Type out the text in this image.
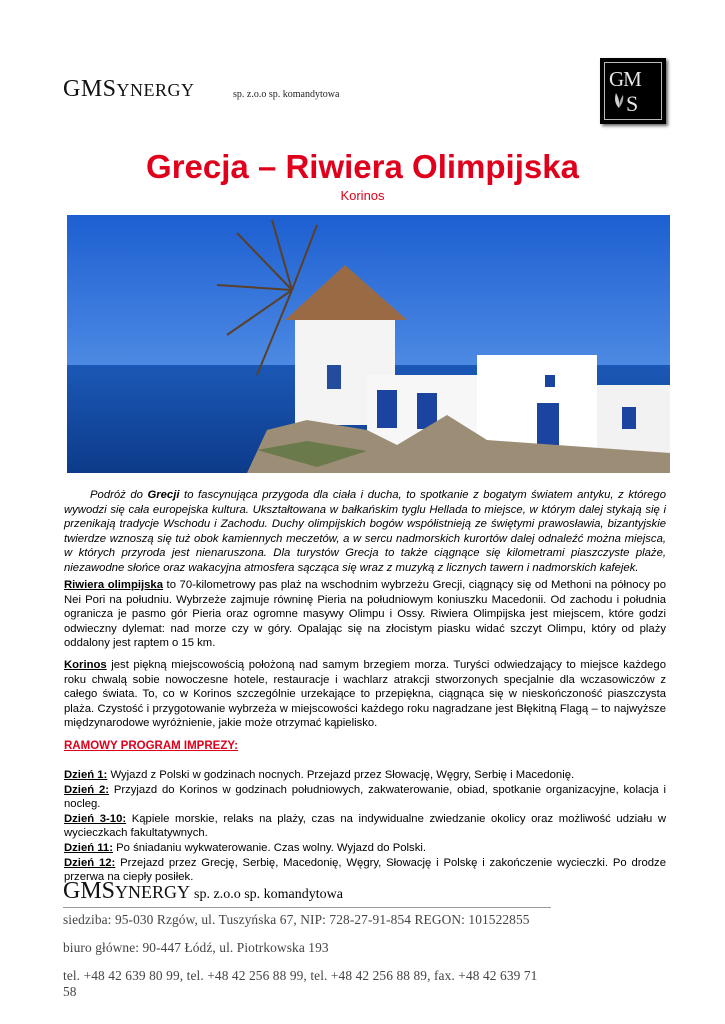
GMSYNERGY	sp. z.o.o sp. komandytowa
GM
S
Grecja – Riwiera Olimpijska
Korinos
Podróż do Grecji to fascynująca przygoda dla ciała i ducha, to spotkanie z bogatym światem antyku, z którego wywodzi się cała europejska kultura. Ukształtowana w bałkańskim tyglu Hellada to miejsce, w którym dalej stykają się i przenikają tradycje Wschodu i Zachodu. Duchy olimpijskich bogów współistnieją ze świętymi prawosławia, bizantyjskie twierdze wznoszą się tuż obok kamiennych meczetów, a w sercu nadmorskich kurortów dalej odnaleźć można miejsca, w których przyroda jest nienaruszona. Dla turystów Grecja to także ciągnące się kilometrami piaszczyste plaże, niezawodne słońce oraz wakacyjna atmosfera sącząca się wraz z muzyką z licznych tawern i nadmorskich kafejek.
Riwiera olimpijska to 70-kilometrowy pas plaż na wschodnim wybrzeżu Grecji, ciągnący się od Methoni na północy po Nei Pori na południu. Wybrzeże zajmuje równinę Pieria na południowym koniuszku Macedonii. Od zachodu i południa ogranicza je pasmo gór Pieria oraz ogromne masywy Olimpu i Ossy. Riwiera Olimpijska jest miejscem, które godzi odwieczny dylemat: nad morze czy w góry. Opalając się na złocistym piasku widać szczyt Olimpu, który od plaży oddalony jest raptem o 15 km.
Korinos jest piękną miejscowością położoną nad samym brzegiem morza. Turyści odwiedzający to miejsce każdego roku chwalą sobie nowoczesne hotele, restauracje i wachlarz atrakcji stworzonych specjalnie dla wczasowiczów z całego świata. To, co w Korinos szczególnie urzekające to przepiękna, ciągnąca się w nieskończoność piaszczysta plaża. Czystość i przygotowanie wybrzeża w miejscowości każdego roku nagradzane jest Błękitną Flagą – to najwyższe międzynarodowe wyróżnienie, jakie może otrzymać kąpielisko.
RAMOWY PROGRAM IMPREZY:
Dzień 1: Wyjazd z Polski w godzinach nocnych. Przejazd przez Słowację, Węgry, Serbię i Macedonię.
Dzień 2: Przyjazd do Korinos w godzinach południowych, zakwaterowanie, obiad, spotkanie organizacyjne, kolacja i nocleg.
Dzień 3-10: Kąpiele morskie, relaks na plaży, czas na indywidualne zwiedzanie okolicy oraz możliwość udziału w wycieczkach fakultatywnych.
Dzień 11: Po śniadaniu wykwaterowanie. Czas wolny. Wyjazd do Polski.
Dzień 12: Przejazd przez Grecję, Serbię, Macedonię, Węgry, Słowację i Polskę i zakończenie wycieczki. Po drodze przerwa na ciepły posiłek.
GMSYNERGY sp. z.o.o sp. komandytowa
siedziba: 95-030 Rzgów, ul. Tuszyńska 67, NIP: 728-27-91-854 REGON: 101522855
biuro główne: 90-447 Łódź, ul. Piotrkowska 193
tel. +48 42 639 80 99, tel. +48 42 256 88 99, tel. +48 42 256 88 89, fax. +48 42 639 71 58
